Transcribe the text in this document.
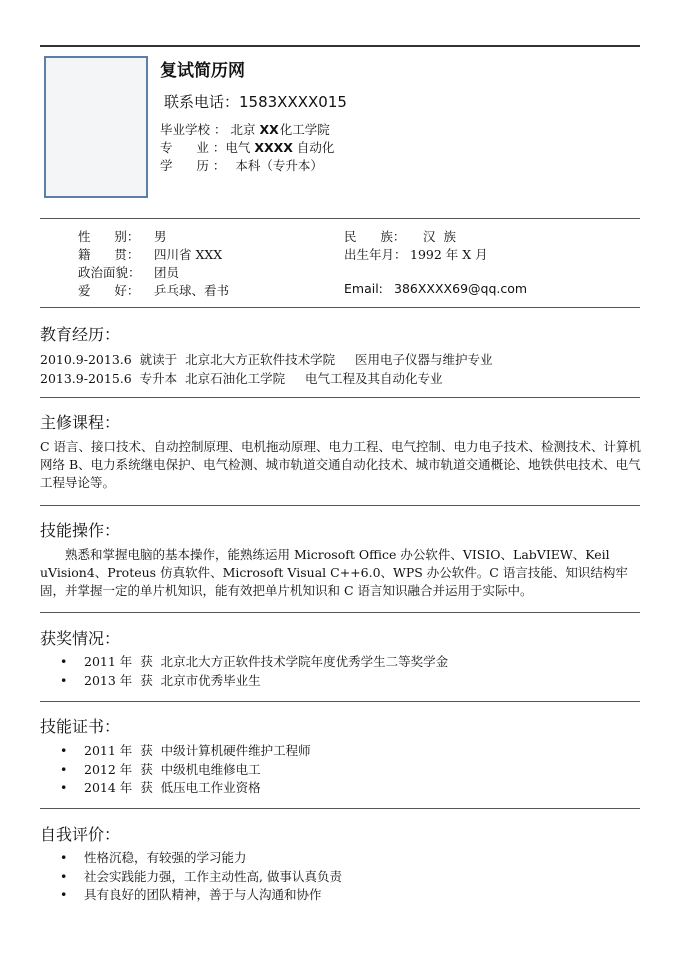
复试简历网
联系电话：1583XXXX015
毕业学校 ： 北京 XX 化工学院
专      业 ： 电气 XXXX 自动化
学      历 ： 本科（专升本）
性      别： 男	民      族： 汉  族
籍      贯： 四川省 XXX	出生年月： 1992 年 X 月
政治面貌： 团员
爱      好： 乒乓球、看书	Email: 386XXXX69@qq.com
教育经历：
2010.9-2013.6  就读于  北京北大方正软件技术学院     医用电子仪器与维护专业
2013.9-2015.6  专升本  北京石油化工学院     电气工程及其自动化专业
主修课程：
C 语言、接口技术、自动控制原理、电机拖动原理、电力工程、电气控制、电力电子技术、检测技术、计算机网络 B、电力系统继电保护、电气检测、城市轨道交通自动化技术、城市轨道交通概论、地铁供电技术、电气工程导论等。
技能操作：
熟悉和掌握电脑的基本操作，能熟练运用 Microsoft Office 办公软件、VISIO、LabVIEW、Keil uVision4、Proteus 仿真软件、Microsoft Visual C++6.0、WPS 办公软件。C 语言技能、知识结构牢固，并掌握一定的单片机知识，能有效把单片机知识和 C 语言知识融合并运用于实际中。
获奖情况：
• 2011 年  获  北京北大方正软件技术学院年度优秀学生二等奖学金
• 2013 年  获  北京市优秀毕业生
技能证书：
• 2011 年  获  中级计算机硬件维护工程师
• 2012 年  获  中级机电维修电工
• 2014 年  获  低压电工作业资格
自我评价：
• 性格沉稳，有较强的学习能力
• 社会实践能力强，工作主动性高, 做事认真负责
• 具有良好的团队精神，善于与人沟通和协作
